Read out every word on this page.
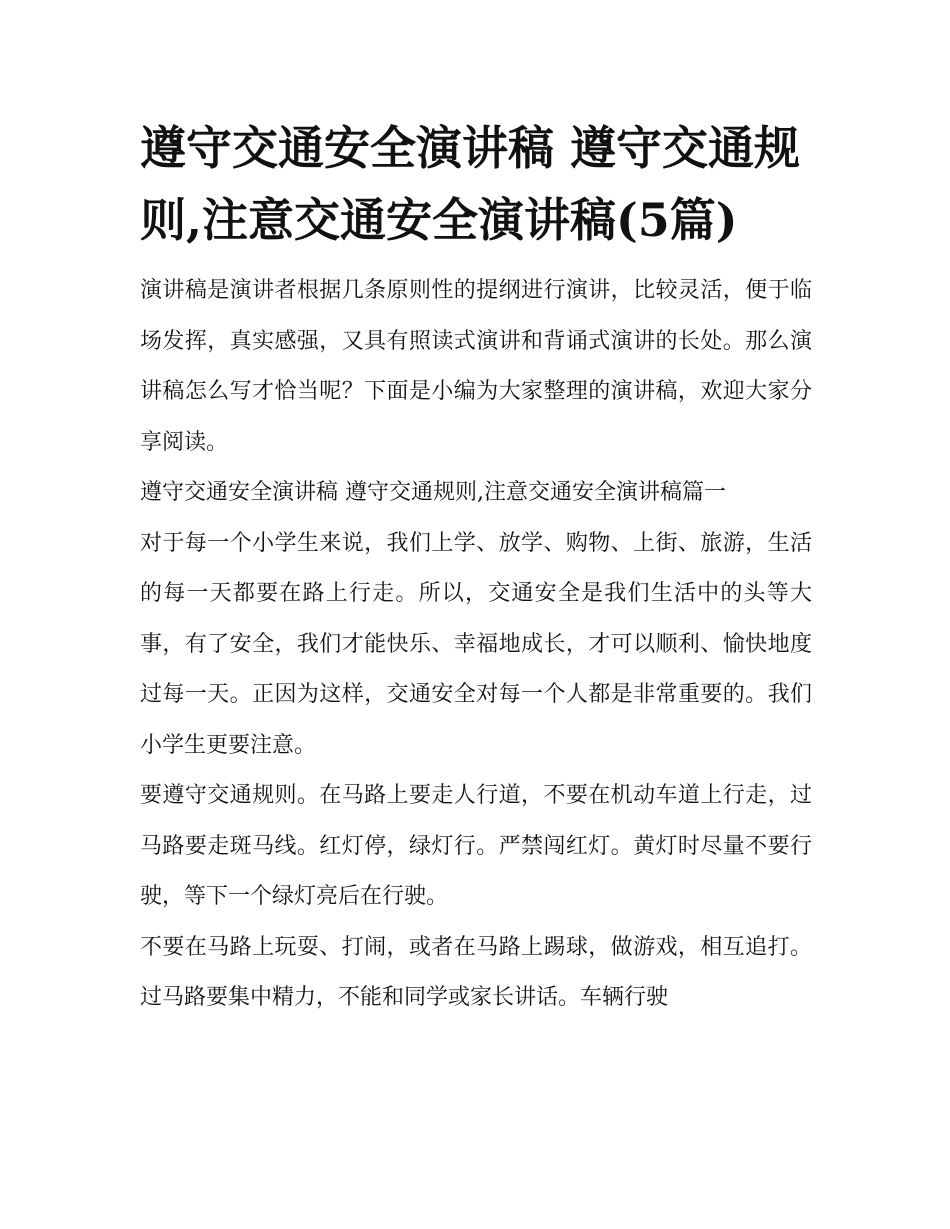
遵守交通安全演讲稿 遵守交通规则,注意交通安全演讲稿(5篇)

演讲稿是演讲者根据几条原则性的提纲进行演讲，比较灵活，便于临场发挥，真实感强，又具有照读式演讲和背诵式演讲的长处。那么演讲稿怎么写才恰当呢？下面是小编为大家整理的演讲稿，欢迎大家分享阅读。

遵守交通安全演讲稿 遵守交通规则,注意交通安全演讲稿篇一

对于每一个小学生来说，我们上学、放学、购物、上街、旅游，生活的每一天都要在路上行走。所以，交通安全是我们生活中的头等大事，有了安全，我们才能快乐、幸福地成长，才可以顺利、愉快地度过每一天。正因为这样，交通安全对每一个人都是非常重要的。我们小学生更要注意。

要遵守交通规则。在马路上要走人行道，不要在机动车道上行走，过马路要走斑马线。红灯停，绿灯行。严禁闯红灯。黄灯时尽量不要行驶，等下一个绿灯亮后在行驶。

不要在马路上玩耍、打闹，或者在马路上踢球，做游戏，相互追打。过马路要集中精力，不能和同学或家长讲话。车辆行驶
